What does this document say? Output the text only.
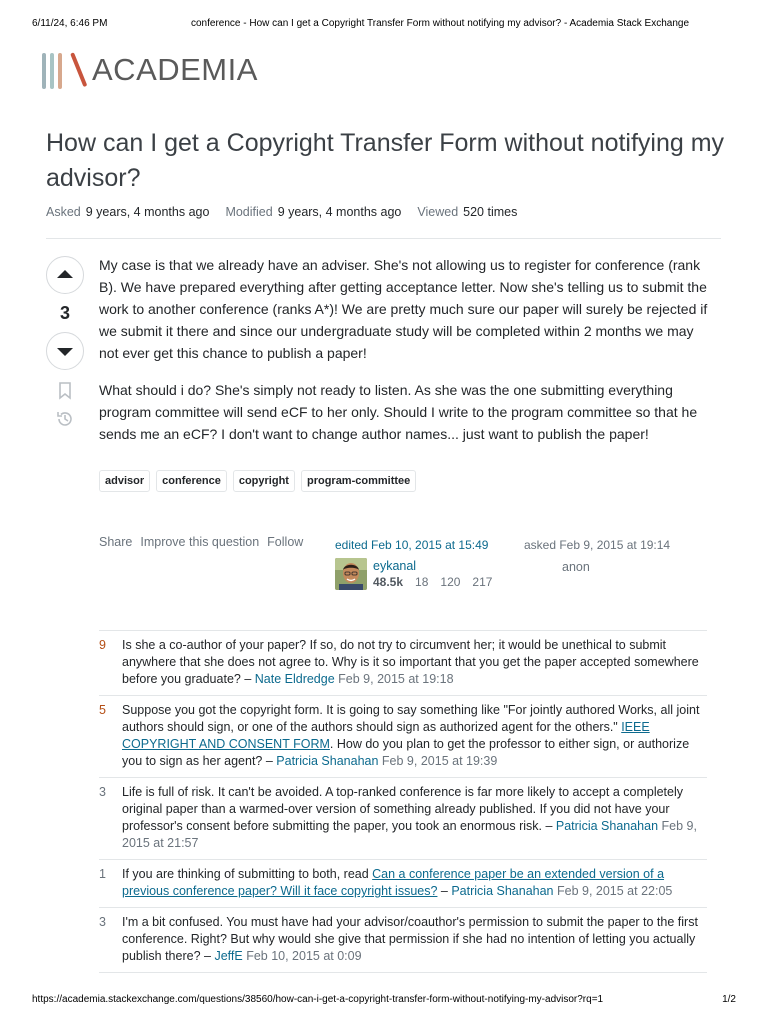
6/11/24, 6:46 PM	conference - How can I get a Copyright Transfer Form without notifying my advisor? - Academia Stack Exchange
ACADEMIA
How can I get a Copyright Transfer Form without notifying my advisor?
Asked 9 years, 4 months ago Modified 9 years, 4 months ago Viewed 520 times
3

My case is that we already have an adviser. She's not allowing us to register for conference (rank B). We have prepared everything after getting acceptance letter. Now she's telling us to submit the work to another conference (ranks A*)! We are pretty much sure our paper will surely be rejected if we submit it there and since our undergraduate study will be completed within 2 months we may not ever get this chance to publish a paper!

What should i do? She's simply not ready to listen. As she was the one submitting everything program committee will send eCF to her only. Should I write to the program committee so that he sends me an eCF? I don't want to change author names... just want to publish the paper!

advisor	conference	copyright	program-committee
Share Improve this question Follow	edited Feb 10, 2015 at 15:49
eykanal
48.5k 18 120 217
asked Feb 9, 2015 at 19:14
anon
9	Is she a co-author of your paper? If so, do not try to circumvent her; it would be unethical to submit anywhere that she does not agree to. Why is it so important that you get the paper accepted somewhere before you graduate? – Nate Eldredge Feb 9, 2015 at 19:18
5	Suppose you got the copyright form. It is going to say something like "For jointly authored Works, all joint authors should sign, or one of the authors should sign as authorized agent for the others." IEEE COPYRIGHT AND CONSENT FORM. How do you plan to get the professor to either sign, or authorize you to sign as her agent? – Patricia Shanahan Feb 9, 2015 at 19:39
3	Life is full of risk. It can't be avoided. A top-ranked conference is far more likely to accept a completely original paper than a warmed-over version of something already published. If you did not have your professor's consent before submitting the paper, you took an enormous risk. – Patricia Shanahan Feb 9, 2015 at 21:57
1	If you are thinking of submitting to both, read Can a conference paper be an extended version of a previous conference paper? Will it face copyright issues? – Patricia Shanahan Feb 9, 2015 at 22:05
3	I'm a bit confused. You must have had your advisor/coauthor's permission to submit the paper to the first conference. Right? But why would she give that permission if she had no intention of letting you actually publish there? – JeffE Feb 10, 2015 at 0:09
https://academia.stackexchange.com/questions/38560/how-can-i-get-a-copyright-transfer-form-without-notifying-my-advisor?rq=1	1/2
